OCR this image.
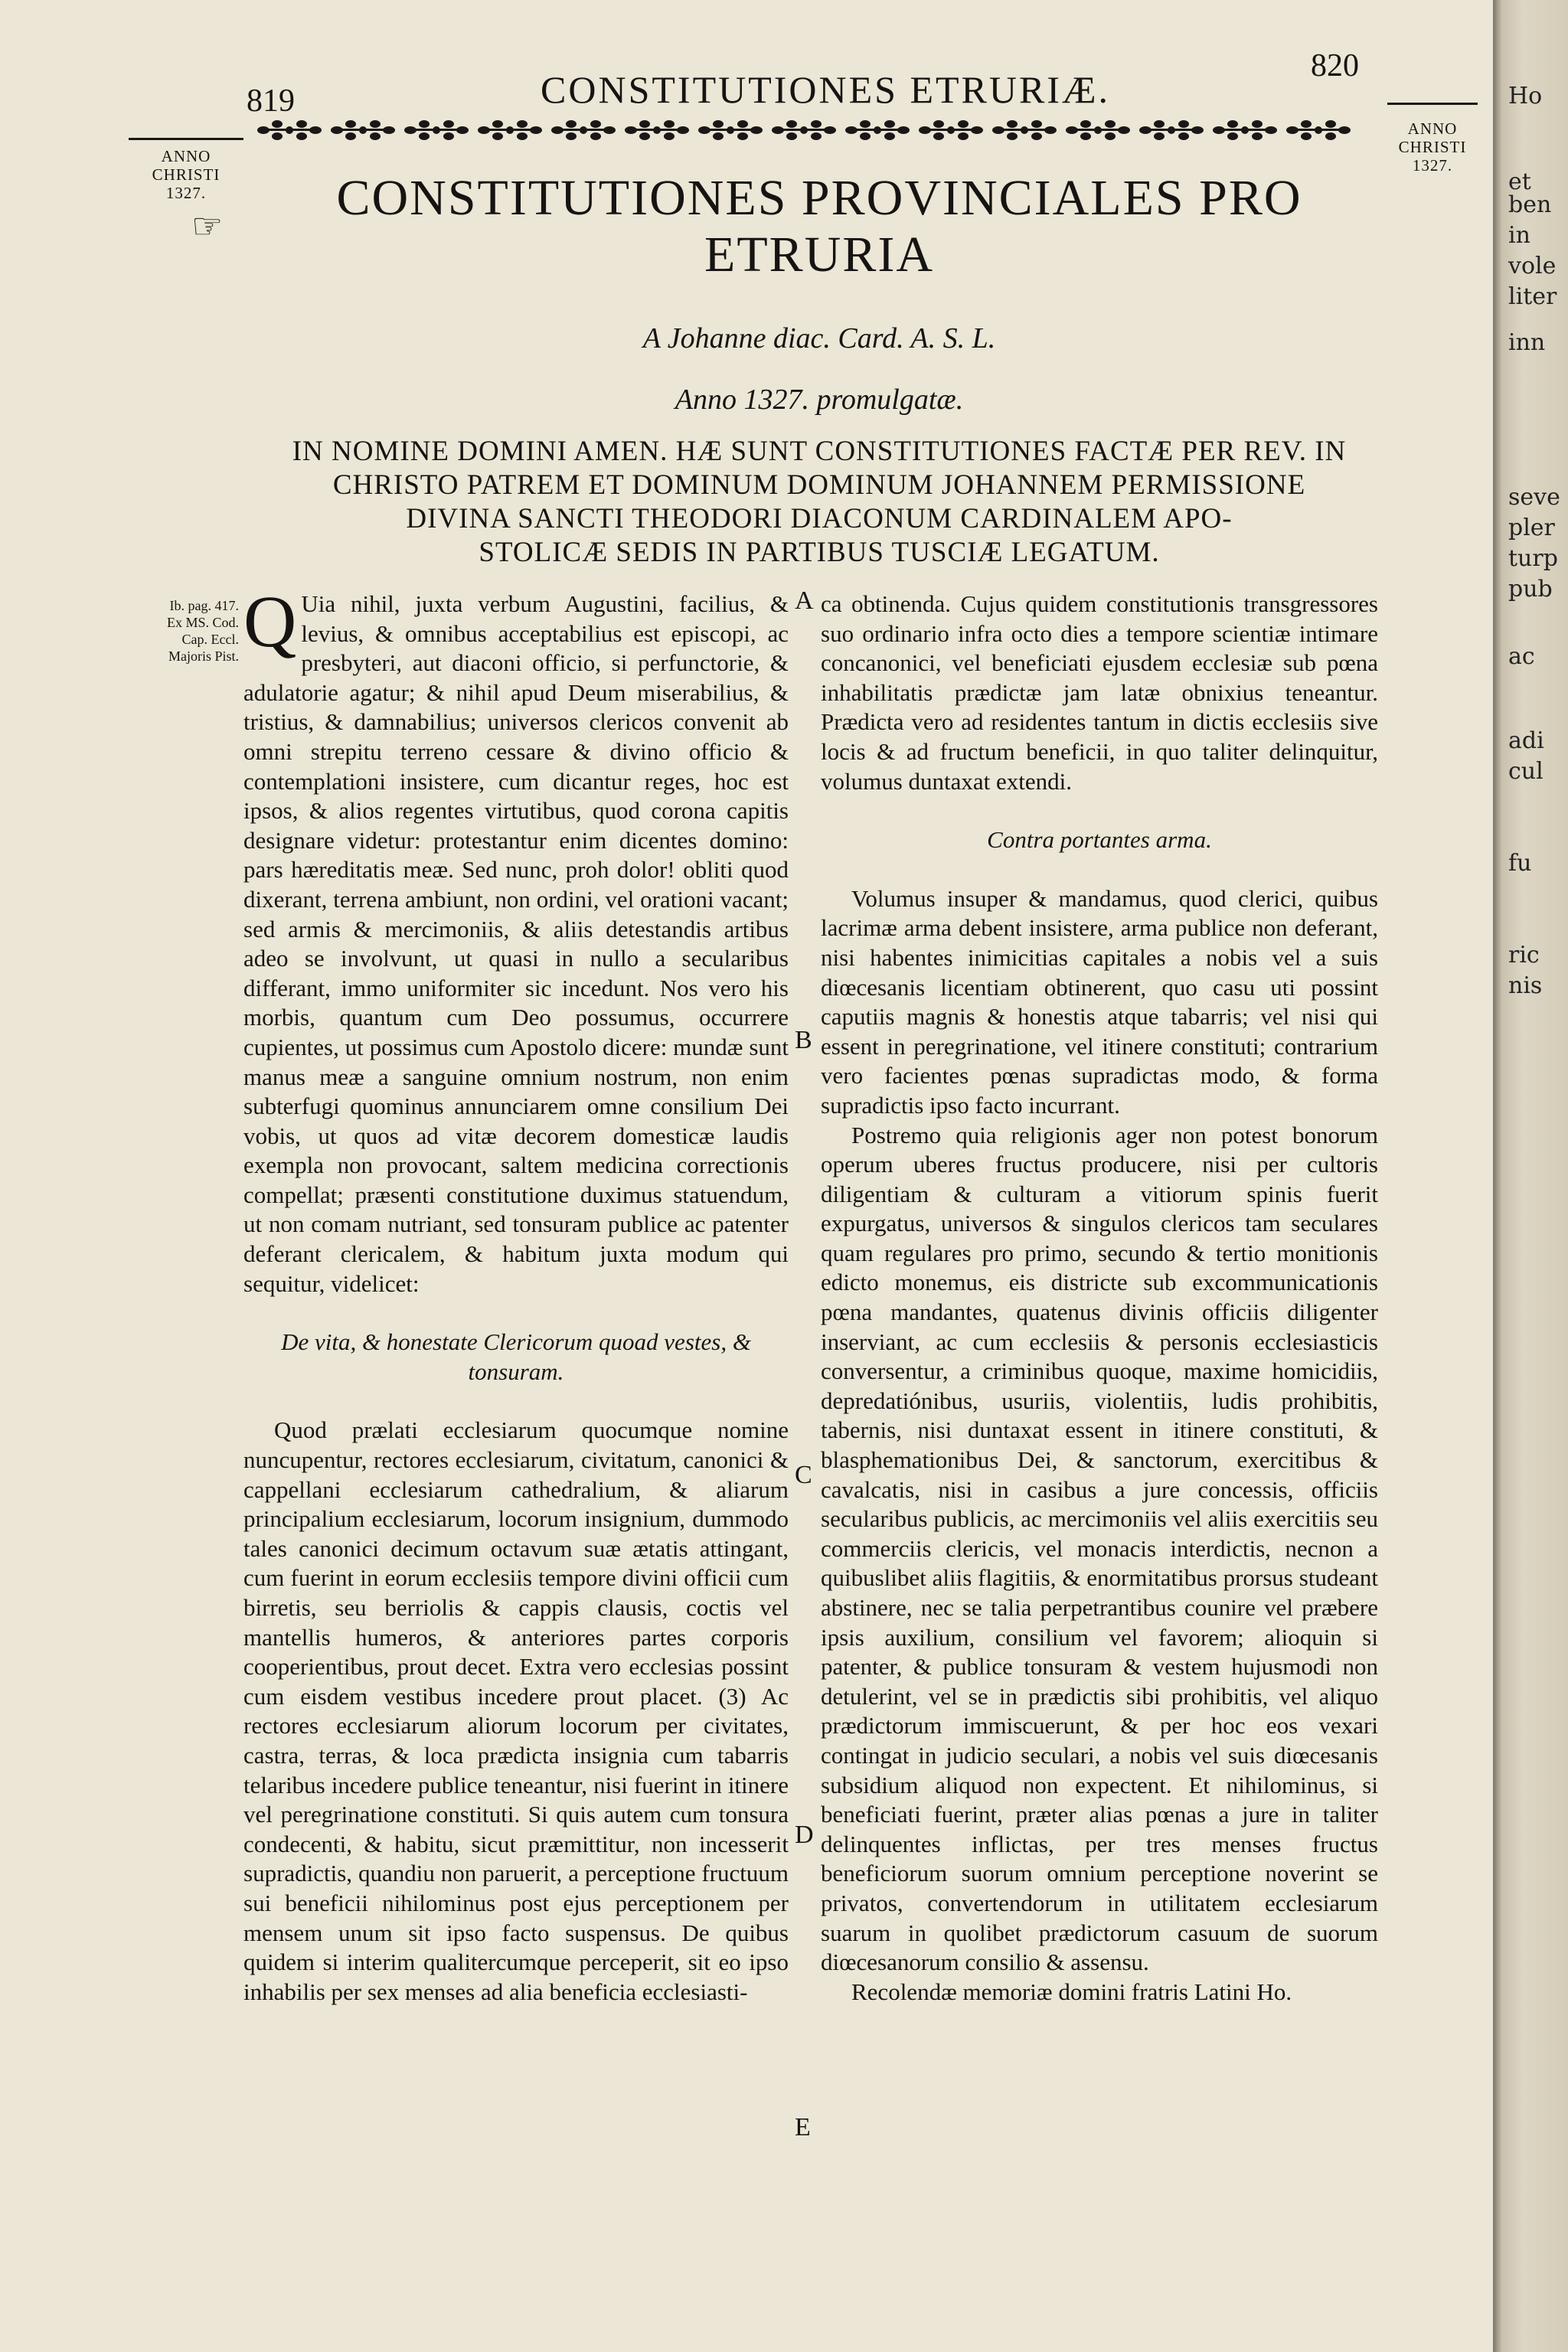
819	CONSTITUTIONES ETRURIÆ.
820
ANNO
CHRISTI
1327.
ANNO
CHRISTI
1327.
☞	CONSTITUTIONES PROVINCIALES PRO
ETRURIA
A Johanne diac. Card. A. S. L.
Anno 1327. promulgatæ.
IN NOMINE DOMINI AMEN. HÆ SUNT CONSTITUTIONES FACTÆ PER REV. IN
CHRISTO PATREM ET DOMINUM DOMINUM JOHANNEM PERMISSIONE
DIVINA SANCTI THEODORI DIACONUM CARDINALEM APO-
STOLICÆ SEDIS IN PARTIBUS TUSCIÆ LEGATUM.
Ib. pag. 417.
Ex MS. Cod.
Cap. Eccl.
Majoris Pist. Q Uia nihil, juxta verbum Augustini, facilius, & levius, & omnibus acceptabilius est episcopi, ac presbyteri, aut diaconi officio, si perfunctorie, & adulatorie agatur; & nihil apud Deum miserabilius, & tristius, & damnabilius; universos clericos convenit ab omni strepitu terreno cessare & divino officio & contemplationi insistere, cum dicantur reges, hoc est ipsos, & alios regentes virtutibus, quod corona capitis designare videtur: protestantur enim dicentes domino: pars hæreditatis meæ. Sed nunc, proh dolor! obliti quod dixerant, terrena ambiunt, non ordini, vel orationi vacant; sed armis & mercimoniis, & aliis detestandis artibus adeo se involvunt, ut quasi in nullo a secularibus differant, immo uniformiter sic incedunt. Nos vero his morbis, quantum cum Deo possumus, occurrere cupientes, ut possimus cum Apostolo dicere: mundæ sunt manus meæ a sanguine omnium nostrum, non enim subterfugi quominus annunciarem omne consilium Dei vobis, ut quos ad vitæ decorem domesticæ laudis exempla non provocant, saltem medicina correctionis compellat; præsenti constitutione duximus statuendum, ut non comam nutriant, sed tonsuram publice ac patenter deferant clericalem, & habitum juxta modum qui sequitur, videlicet:

De vita, & honestate Clericorum quoad vestes, & tonsuram.

Quod prælati ecclesiarum quocumque nomine nuncupentur, rectores ecclesiarum, civitatum, canonici & cappellani ecclesiarum cathedralium, & aliarum principalium ecclesiarum, locorum insignium, dummodo tales canonici decimum octavum suæ ætatis attingant, cum fuerint in eorum ecclesiis tempore divini officii cum birretis, seu berriolis & cappis clausis, coctis vel mantellis humeros, & anteriores partes corporis cooperientibus, prout decet. Extra vero ecclesias possint cum eisdem vestibus incedere prout placet. (3) Ac rectores ecclesiarum aliorum locorum per civitates, castra, terras, & loca prædicta insignia cum tabarris telaribus incedere publice teneantur, nisi fuerint in itinere vel peregrinatione constituti. Si quis autem cum tonsura condecenti, & habitu, sicut præmittitur, non incesserit supradictis, quandiu non paruerit, a perceptione fructuum sui beneficii nihilominus post ejus perceptionem per mensem unum sit ipso facto suspensus. De quibus quidem si interim qualitercumque perceperit, sit eo ipso inhabilis per sex menses ad alia beneficia ecclesiasti-

A
B
C
D
E

ca obtinenda. Cujus quidem constitutionis transgressores suo ordinario infra octo dies a tempore scientiæ intimare concanonici, vel beneficiati ejusdem ecclesiæ sub pœna inhabilitatis prædictæ jam latæ obnixius teneantur. Prædicta vero ad residentes tantum in dictis ecclesiis sive locis & ad fructum beneficii, in quo taliter delinquitur, volumus duntaxat extendi.

Contra portantes arma.

Volumus insuper & mandamus, quod clerici, quibus lacrimæ arma debent insistere, arma publice non deferant, nisi habentes inimicitias capitales a nobis vel a suis diœcesanis licentiam obtinerent, quo casu uti possint caputiis magnis & honestis atque tabarris; vel nisi qui essent in peregrinatione, vel itinere constituti; contrarium vero facientes pœnas supradictas modo, & forma supradictis ipso facto incurrant.

Postremo quia religionis ager non potest bonorum operum uberes fructus producere, nisi per cultoris diligentiam & culturam a vitiorum spinis fuerit expurgatus, universos & singulos clericos tam seculares quam regulares pro primo, secundo & tertio monitionis edicto monemus, eis districte sub excommunicationis pœna mandantes, quatenus divinis officiis diligenter inserviant, ac cum ecclesiis & personis ecclesiasticis conversentur, a criminibus quoque, maxime homicidiis, depredatiónibus, usuriis, violentiis, ludis prohibitis, tabernis, nisi duntaxat essent in itinere constituti, & blasphemationibus Dei, & sanctorum, exercitibus & cavalcatis, nisi in casibus a jure concessis, officiis secularibus publicis, ac mercimoniis vel aliis exercitiis seu commerciis clericis, vel monacis interdictis, necnon a quibuslibet aliis flagitiis, & enormitatibus prorsus studeant abstinere, nec se talia perpetrantibus counire vel præbere ipsis auxilium, consilium vel favorem; alioquin si patenter, & publice tonsuram & vestem hujusmodi non detulerint, vel se in prædictis sibi prohibitis, vel aliquo prædictorum immiscuerunt, & per hoc eos vexari contingat in judicio seculari, a nobis vel suis diœcesanis subsidium aliquod non expectent. Et nihilominus, si beneficiati fuerint, præter alias pœnas a jure in taliter delinquentes inflictas, per tres menses fructus beneficiorum suorum omnium perceptione noverint se privatos, convertendorum in utilitatem ecclesiarum suarum in quolibet prædictorum casuum de suorum diœcesanorum consilio & assensu.

Recolendæ memoriæ domini fratris Latini Ho.

Ho
et
ben
in
vole
liter
inn
seve
pler
turp
pub
ac
adi
cul
fu
ric
nis
